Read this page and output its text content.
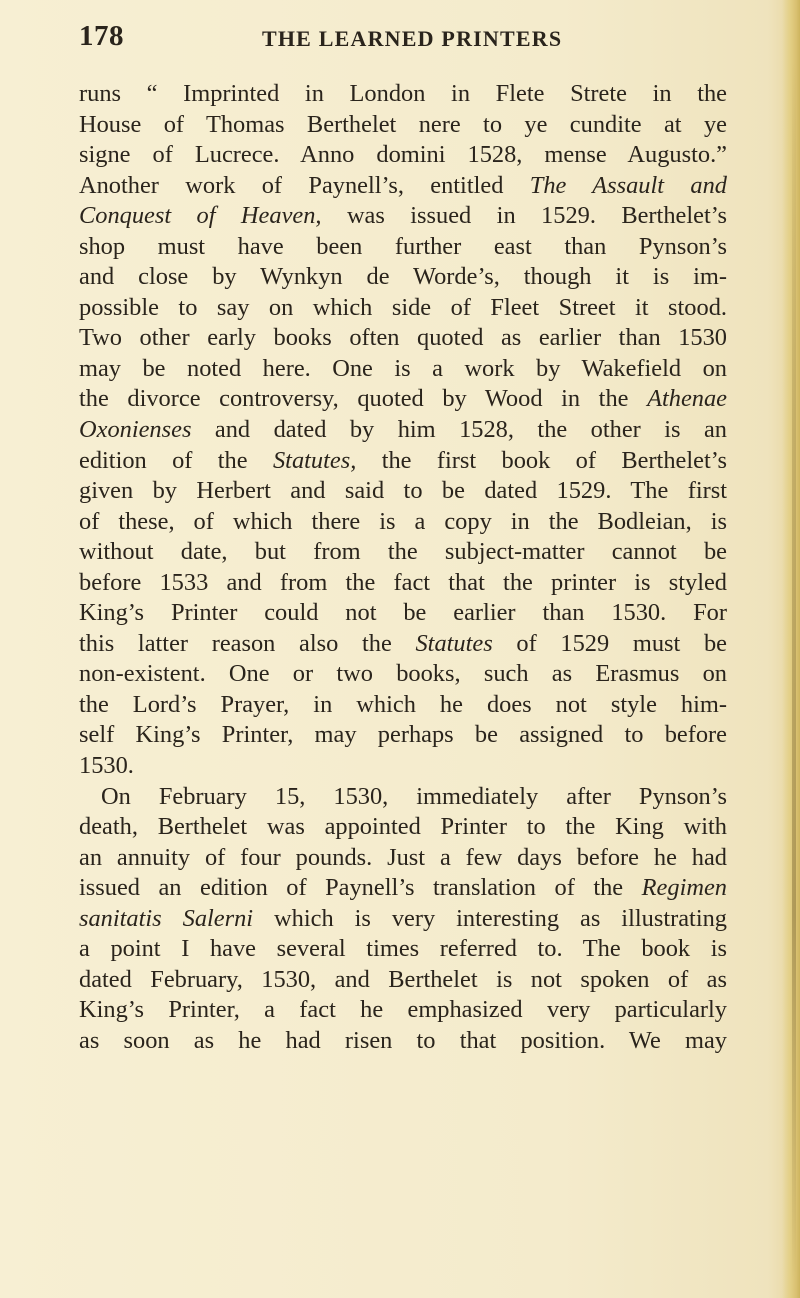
178	THE LEARNED PRINTERS
runs “ Imprinted in London in Flete Strete in the
House of Thomas Berthelet nere to ye cundite at ye
signe of Lucrece. Anno domini 1528, mense Augusto.”
Another work of Paynell’s, entitled The Assault and
Conquest of Heaven, was issued in 1529. Berthelet’s
shop must have been further east than Pynson’s
and close by Wynkyn de Worde’s, though it is im-
possible to say on which side of Fleet Street it stood.
Two other early books often quoted as earlier than 1530
may be noted here. One is a work by Wakefield on
the divorce controversy, quoted by Wood in the Athenae
Oxonienses and dated by him 1528, the other is an
edition of the Statutes, the first book of Berthelet’s
given by Herbert and said to be dated 1529. The first
of these, of which there is a copy in the Bodleian, is
without date, but from the subject-matter cannot be
before 1533 and from the fact that the printer is styled
King’s Printer could not be earlier than 1530. For
this latter reason also the Statutes of 1529 must be
non-existent. One or two books, such as Erasmus on
the Lord’s Prayer, in which he does not style him-
self King’s Printer, may perhaps be assigned to before
1530.
On February 15, 1530, immediately after Pynson’s
death, Berthelet was appointed Printer to the King with
an annuity of four pounds. Just a few days before he had
issued an edition of Paynell’s translation of the Regimen
sanitatis Salerni which is very interesting as illustrating
a point I have several times referred to. The book is
dated February, 1530, and Berthelet is not spoken of as
King’s Printer, a fact he emphasized very particularly
as soon as he had risen to that position. We may
